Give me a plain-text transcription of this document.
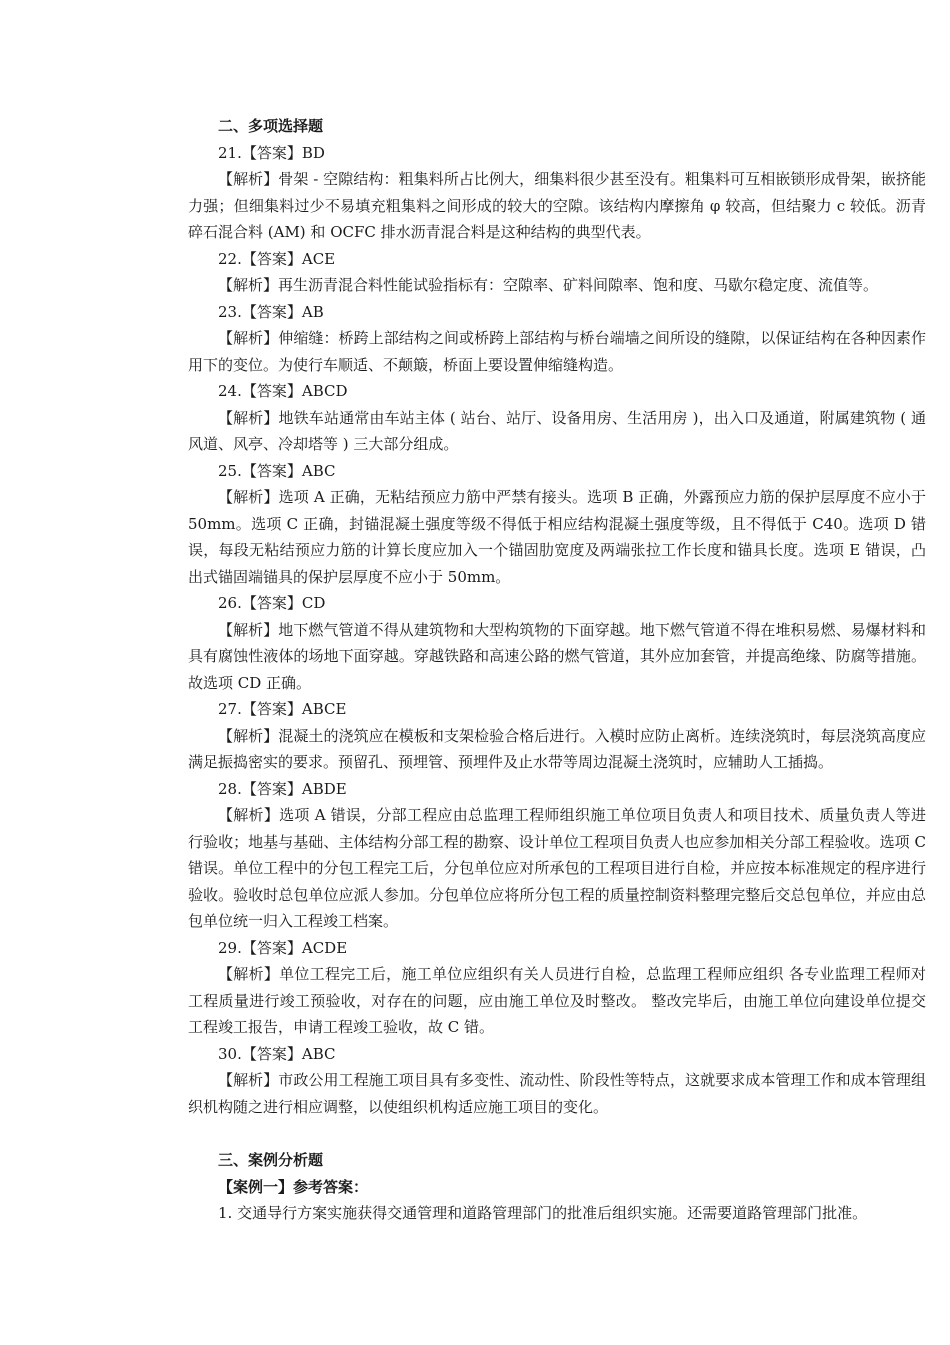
二、多项选择题

21.【答案】BD

【解析】骨架 - 空隙结构：粗集料所占比例大，细集料很少甚至没有。粗集料可互相嵌锁形成骨架，嵌挤能力强；但细集料过少不易填充粗集料之间形成的较大的空隙。该结构内摩擦角 φ 较高，但结聚力 c 较低。沥青碎石混合料 (AM) 和 OCFC 排水沥青混合料是这种结构的典型代表。

22.【答案】ACE

【解析】再生沥青混合料性能试验指标有：空隙率、矿料间隙率、饱和度、马歇尔稳定度、流值等。

23.【答案】AB

【解析】伸缩缝：桥跨上部结构之间或桥跨上部结构与桥台端墙之间所设的缝隙，以保证结构在各种因素作用下的变位。为使行车顺适、不颠簸，桥面上要设置伸缩缝构造。

24.【答案】ABCD

【解析】地铁车站通常由车站主体 ( 站台、站厅、设备用房、生活用房 )，出入口及通道，附属建筑物 ( 通风道、风亭、冷却塔等 ) 三大部分组成。

25.【答案】ABC

【解析】选项 A 正确，无粘结预应力筋中严禁有接头。选项 B 正确，外露预应力筋的保护层厚度不应小于 50mm。选项 C 正确，封锚混凝土强度等级不得低于相应结构混凝土强度等级，且不得低于 C40。选项 D 错误，每段无粘结预应力筋的计算长度应加入一个锚固肋宽度及两端张拉工作长度和锚具长度。选项 E 错误，凸出式锚固端锚具的保护层厚度不应小于 50mm。

26.【答案】CD

【解析】地下燃气管道不得从建筑物和大型构筑物的下面穿越。地下燃气管道不得在堆积易燃、易爆材料和具有腐蚀性液体的场地下面穿越。穿越铁路和高速公路的燃气管道，其外应加套管，并提高绝缘、防腐等措施。故选项 CD 正确。

27.【答案】ABCE

【解析】混凝土的浇筑应在模板和支架检验合格后进行。入模时应防止离析。连续浇筑时，每层浇筑高度应满足振捣密实的要求。预留孔、预埋管、预埋件及止水带等周边混凝土浇筑时，应辅助人工插捣。

28.【答案】ABDE

【解析】选项 A 错误，分部工程应由总监理工程师组织施工单位项目负责人和项目技术、质量负责人等进行验收；地基与基础、主体结构分部工程的勘察、设计单位工程项目负责人也应参加相关分部工程验收。选项 C 错误。单位工程中的分包工程完工后，分包单位应对所承包的工程项目进行自检，并应按本标准规定的程序进行验收。验收时总包单位应派人参加。分包单位应将所分包工程的质量控制资料整理完整后交总包单位，并应由总包单位统一归入工程竣工档案。

29.【答案】ACDE

【解析】单位工程完工后，施工单位应组织有关人员进行自检，总监理工程师应组织 各专业监理工程师对工程质量进行竣工预验收，对存在的问题，应由施工单位及时整改。 整改完毕后，由施工单位向建设单位提交工程竣工报告，申请工程竣工验收，故 C 错。

30.【答案】ABC

【解析】市政公用工程施工项目具有多变性、流动性、阶段性等特点，这就要求成本管理工作和成本管理组织机构随之进行相应调整，以使组织机构适应施工项目的变化。

三、案例分析题

【案例一】参考答案：

1. 交通导行方案实施获得交通管理和道路管理部门的批准后组织实施。还需要道路管理部门批准。
